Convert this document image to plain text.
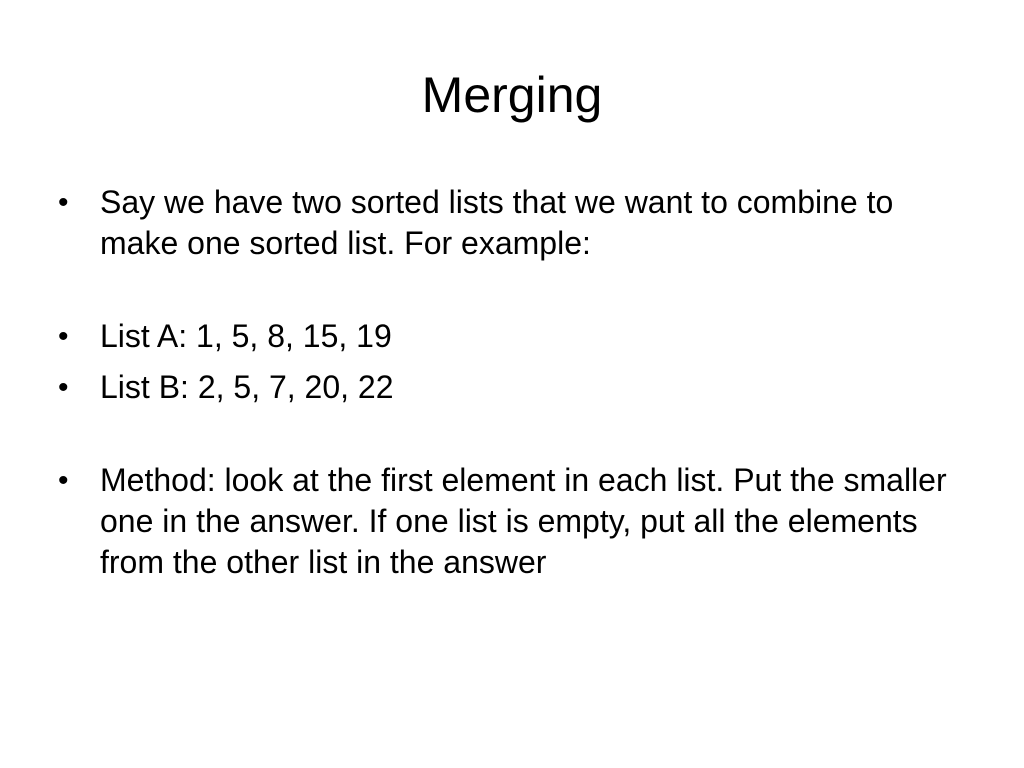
Merging
• Say we have two sorted lists that we want to combine to make one sorted list. For example:
• List A: 1, 5, 8, 15, 19
• List B: 2, 5, 7, 20, 22
• Method: look at the first element in each list. Put the smaller one in the answer. If one list is empty, put all the elements from the other list in the answer
